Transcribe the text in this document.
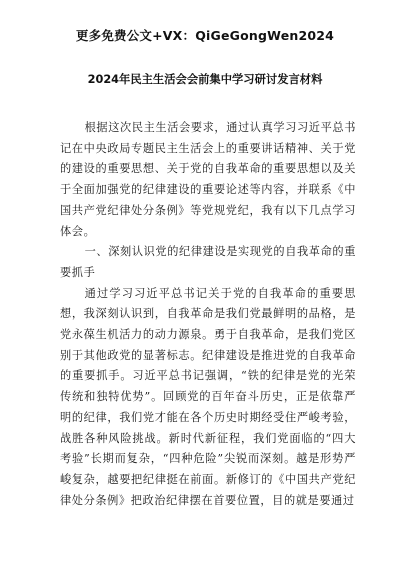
更多免费公文+VX：QiGeGongWen2024
2024年民主生活会会前集中学习研讨发言材料

根据这次民主生活会要求，通过认真学习习近平总书记在中央政局专题民主生活会上的重要讲话精神、关于党的建设的重要思想、关于党的自我革命的重要思想以及关于全面加强党的纪律建设的重要论述等内容，并联系《中国共产党纪律处分条例》等党规党纪，我有以下几点学习体会。

一、深刻认识党的纪律建设是实现党的自我革命的重要抓手

通过学习习近平总书记关于党的自我革命的重要思想，我深刻认识到，自我革命是我们党最鲜明的品格，是党永葆生机活力的动力源泉。勇于自我革命，是我们党区别于其他政党的显著标志。纪律建设是推进党的自我革命的重要抓手。习近平总书记强调，“铁的纪律是党的光荣传统和独特优势”。回顾党的百年奋斗历史，正是依靠严明的纪律，我们党才能在各个历史时期经受住严峻考验，战胜各种风险挑战。新时代新征程，我们党面临的“四大考验”长期而复杂，“四种危险”尖锐而深刻。越是形势严峻复杂，越要把纪律挺在前面。新修订的《中国共产党纪律处分条例》把政治纪律摆在首要位置，目的就是要通过
